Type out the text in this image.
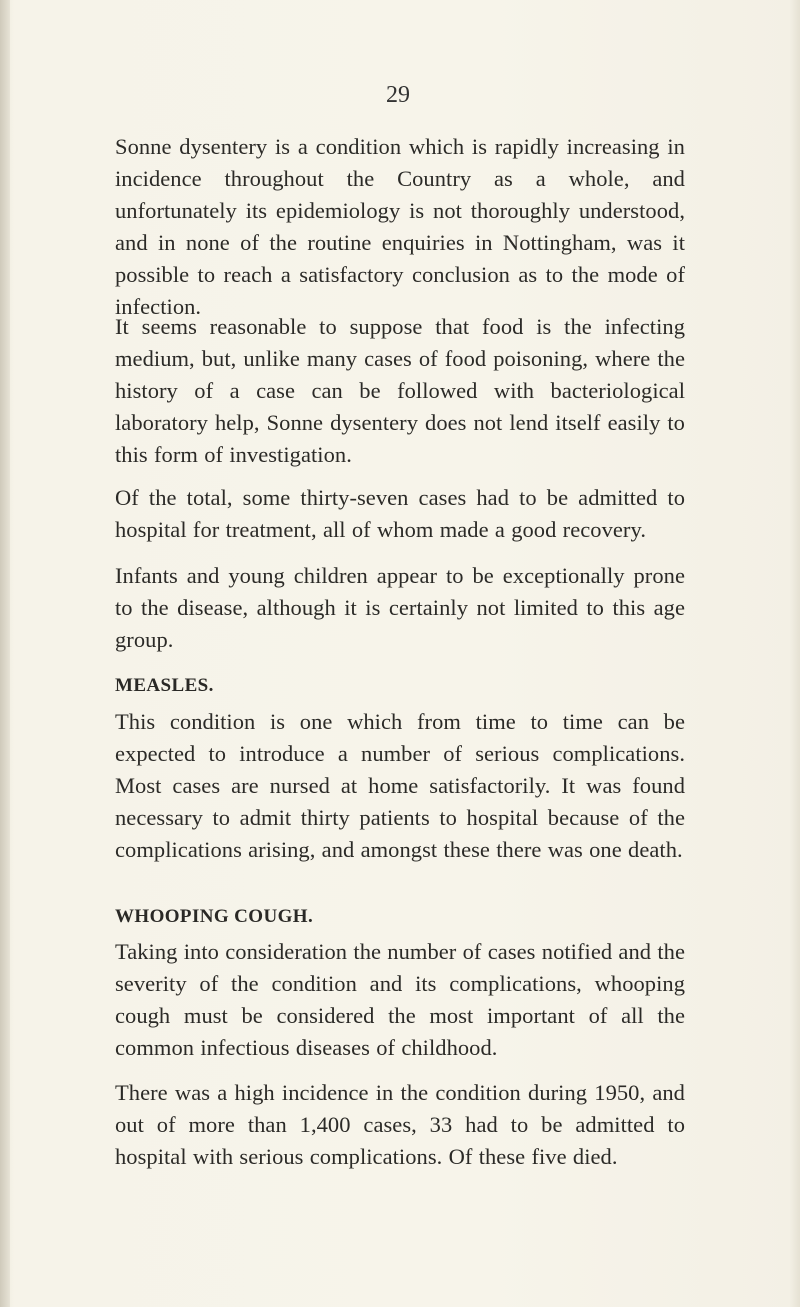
29

Sonne dysentery is a condition which is rapidly increasing in incidence throughout the Country as a whole, and unfortunately its epidemiology is not thoroughly understood, and in none of the routine enquiries in Nottingham, was it possible to reach a satisfactory conclusion as to the mode of infection.

It seems reasonable to suppose that food is the infecting medium, but, unlike many cases of food poisoning, where the history of a case can be followed with bacteriological laboratory help, Sonne dysentery does not lend itself easily to this form of investigation.

Of the total, some thirty-seven cases had to be admitted to hospital for treatment, all of whom made a good recovery.

Infants and young children appear to be exceptionally prone to the disease, although it is certainly not limited to this age group.

MEASLES.

This condition is one which from time to time can be expected to introduce a number of serious complications. Most cases are nursed at home satisfactorily. It was found necessary to admit thirty patients to hospital because of the complications arising, and amongst these there was one death.

WHOOPING COUGH.

Taking into consideration the number of cases notified and the severity of the condition and its complications, whooping cough must be considered the most important of all the common infectious diseases of childhood.

There was a high incidence in the condition during 1950, and out of more than 1,400 cases, 33 had to be admitted to hospital with serious complications. Of these five died.
